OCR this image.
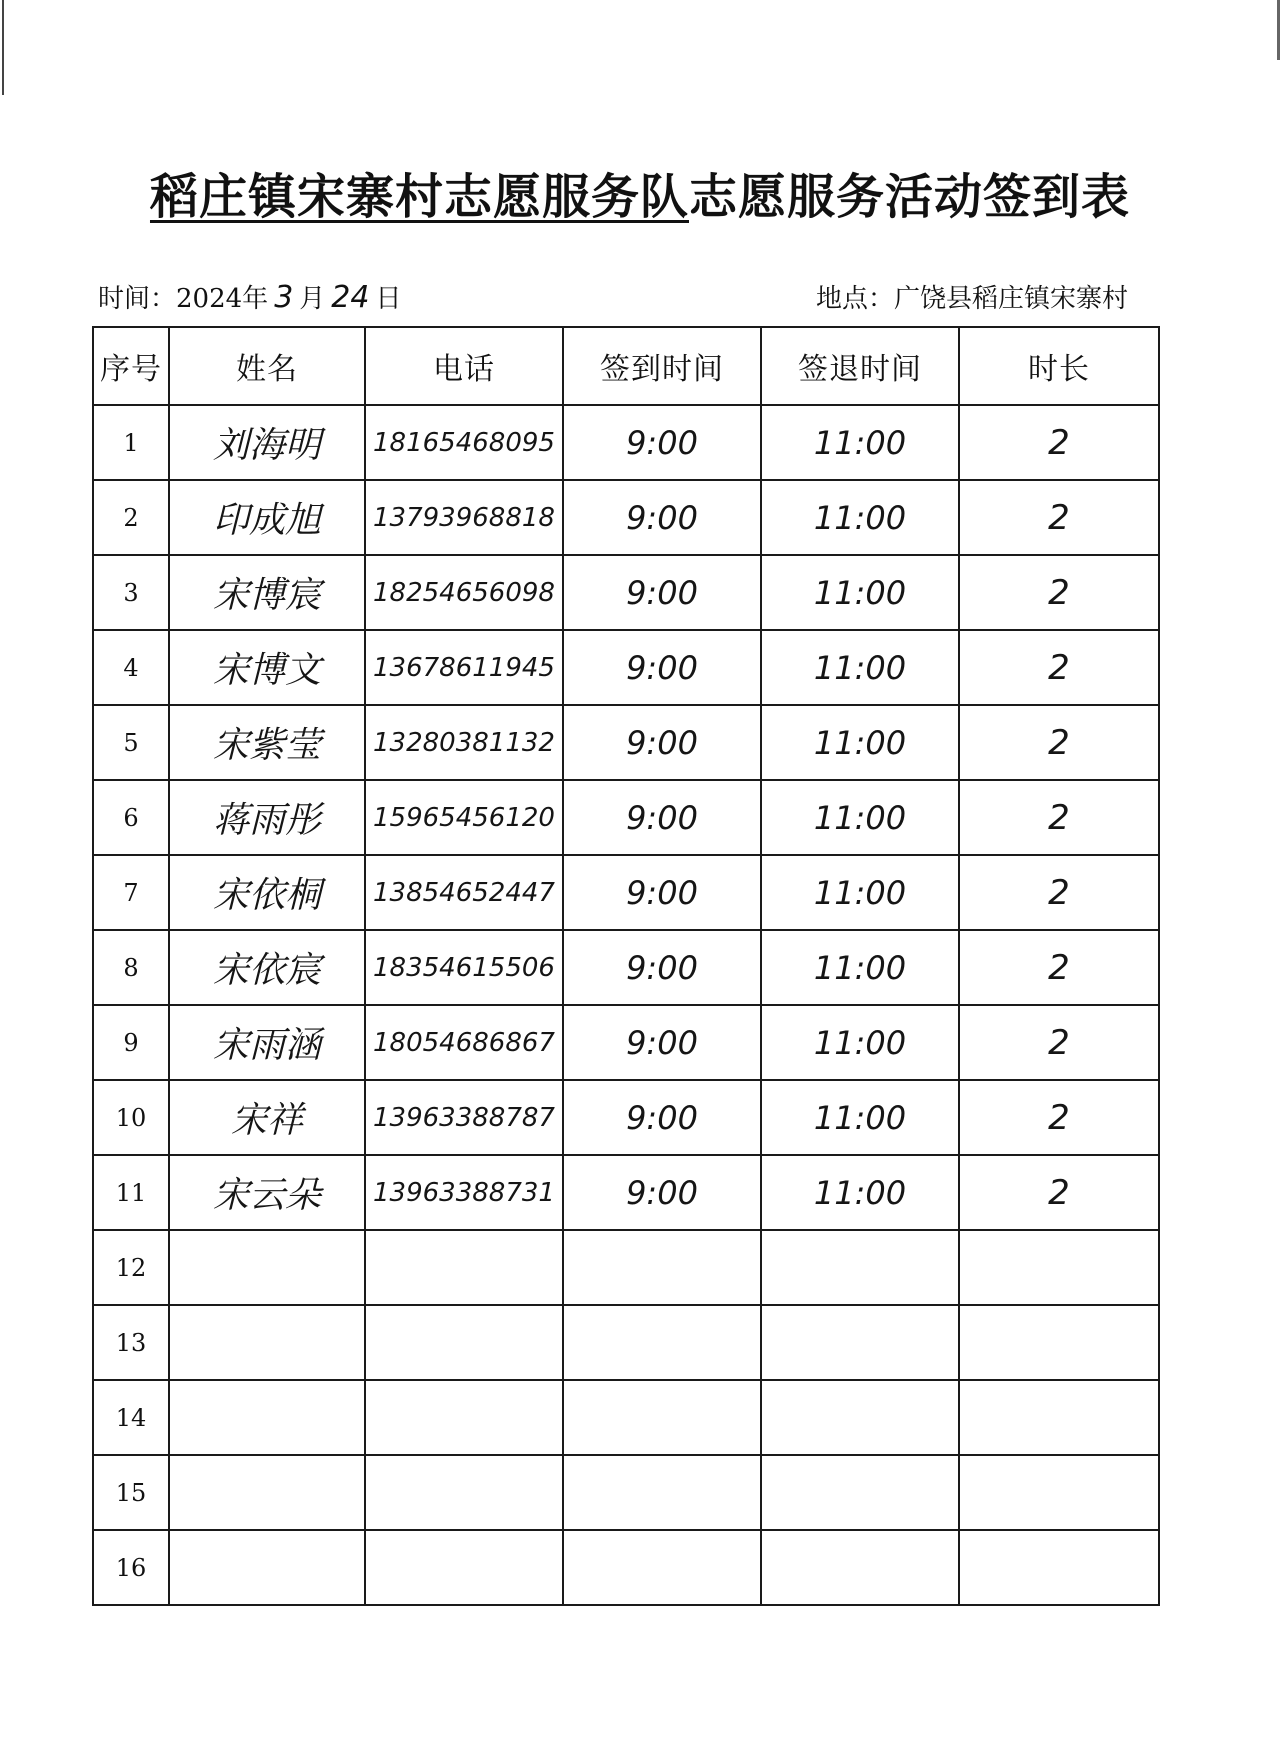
稻庄镇宋寨村志愿服务队志愿服务活动签到表
时间：2024年 3 月 24 日	地点：广饶县稻庄镇宋寨村
序号	姓名	电话	签到时间	签退时间	时长
1	刘海明	18165468095	9:00	11:00	2
2	印成旭	13793968818	9:00	11:00	2
3	宋博宸	18254656098	9:00	11:00	2
4	宋博文	13678611945	9:00	11:00	2
5	宋紫莹	13280381132	9:00	11:00	2
6	蒋雨彤	15965456120	9:00	11:00	2
7	宋依桐	13854652447	9:00	11:00	2
8	宋依宸	18354615506	9:00	11:00	2
9	宋雨涵	18054686867	9:00	11:00	2
10	宋祥	13963388787	9:00	11:00	2
11	宋云朵	13963388731	9:00	11:00	2
12					
13					
14					
15					
16					
